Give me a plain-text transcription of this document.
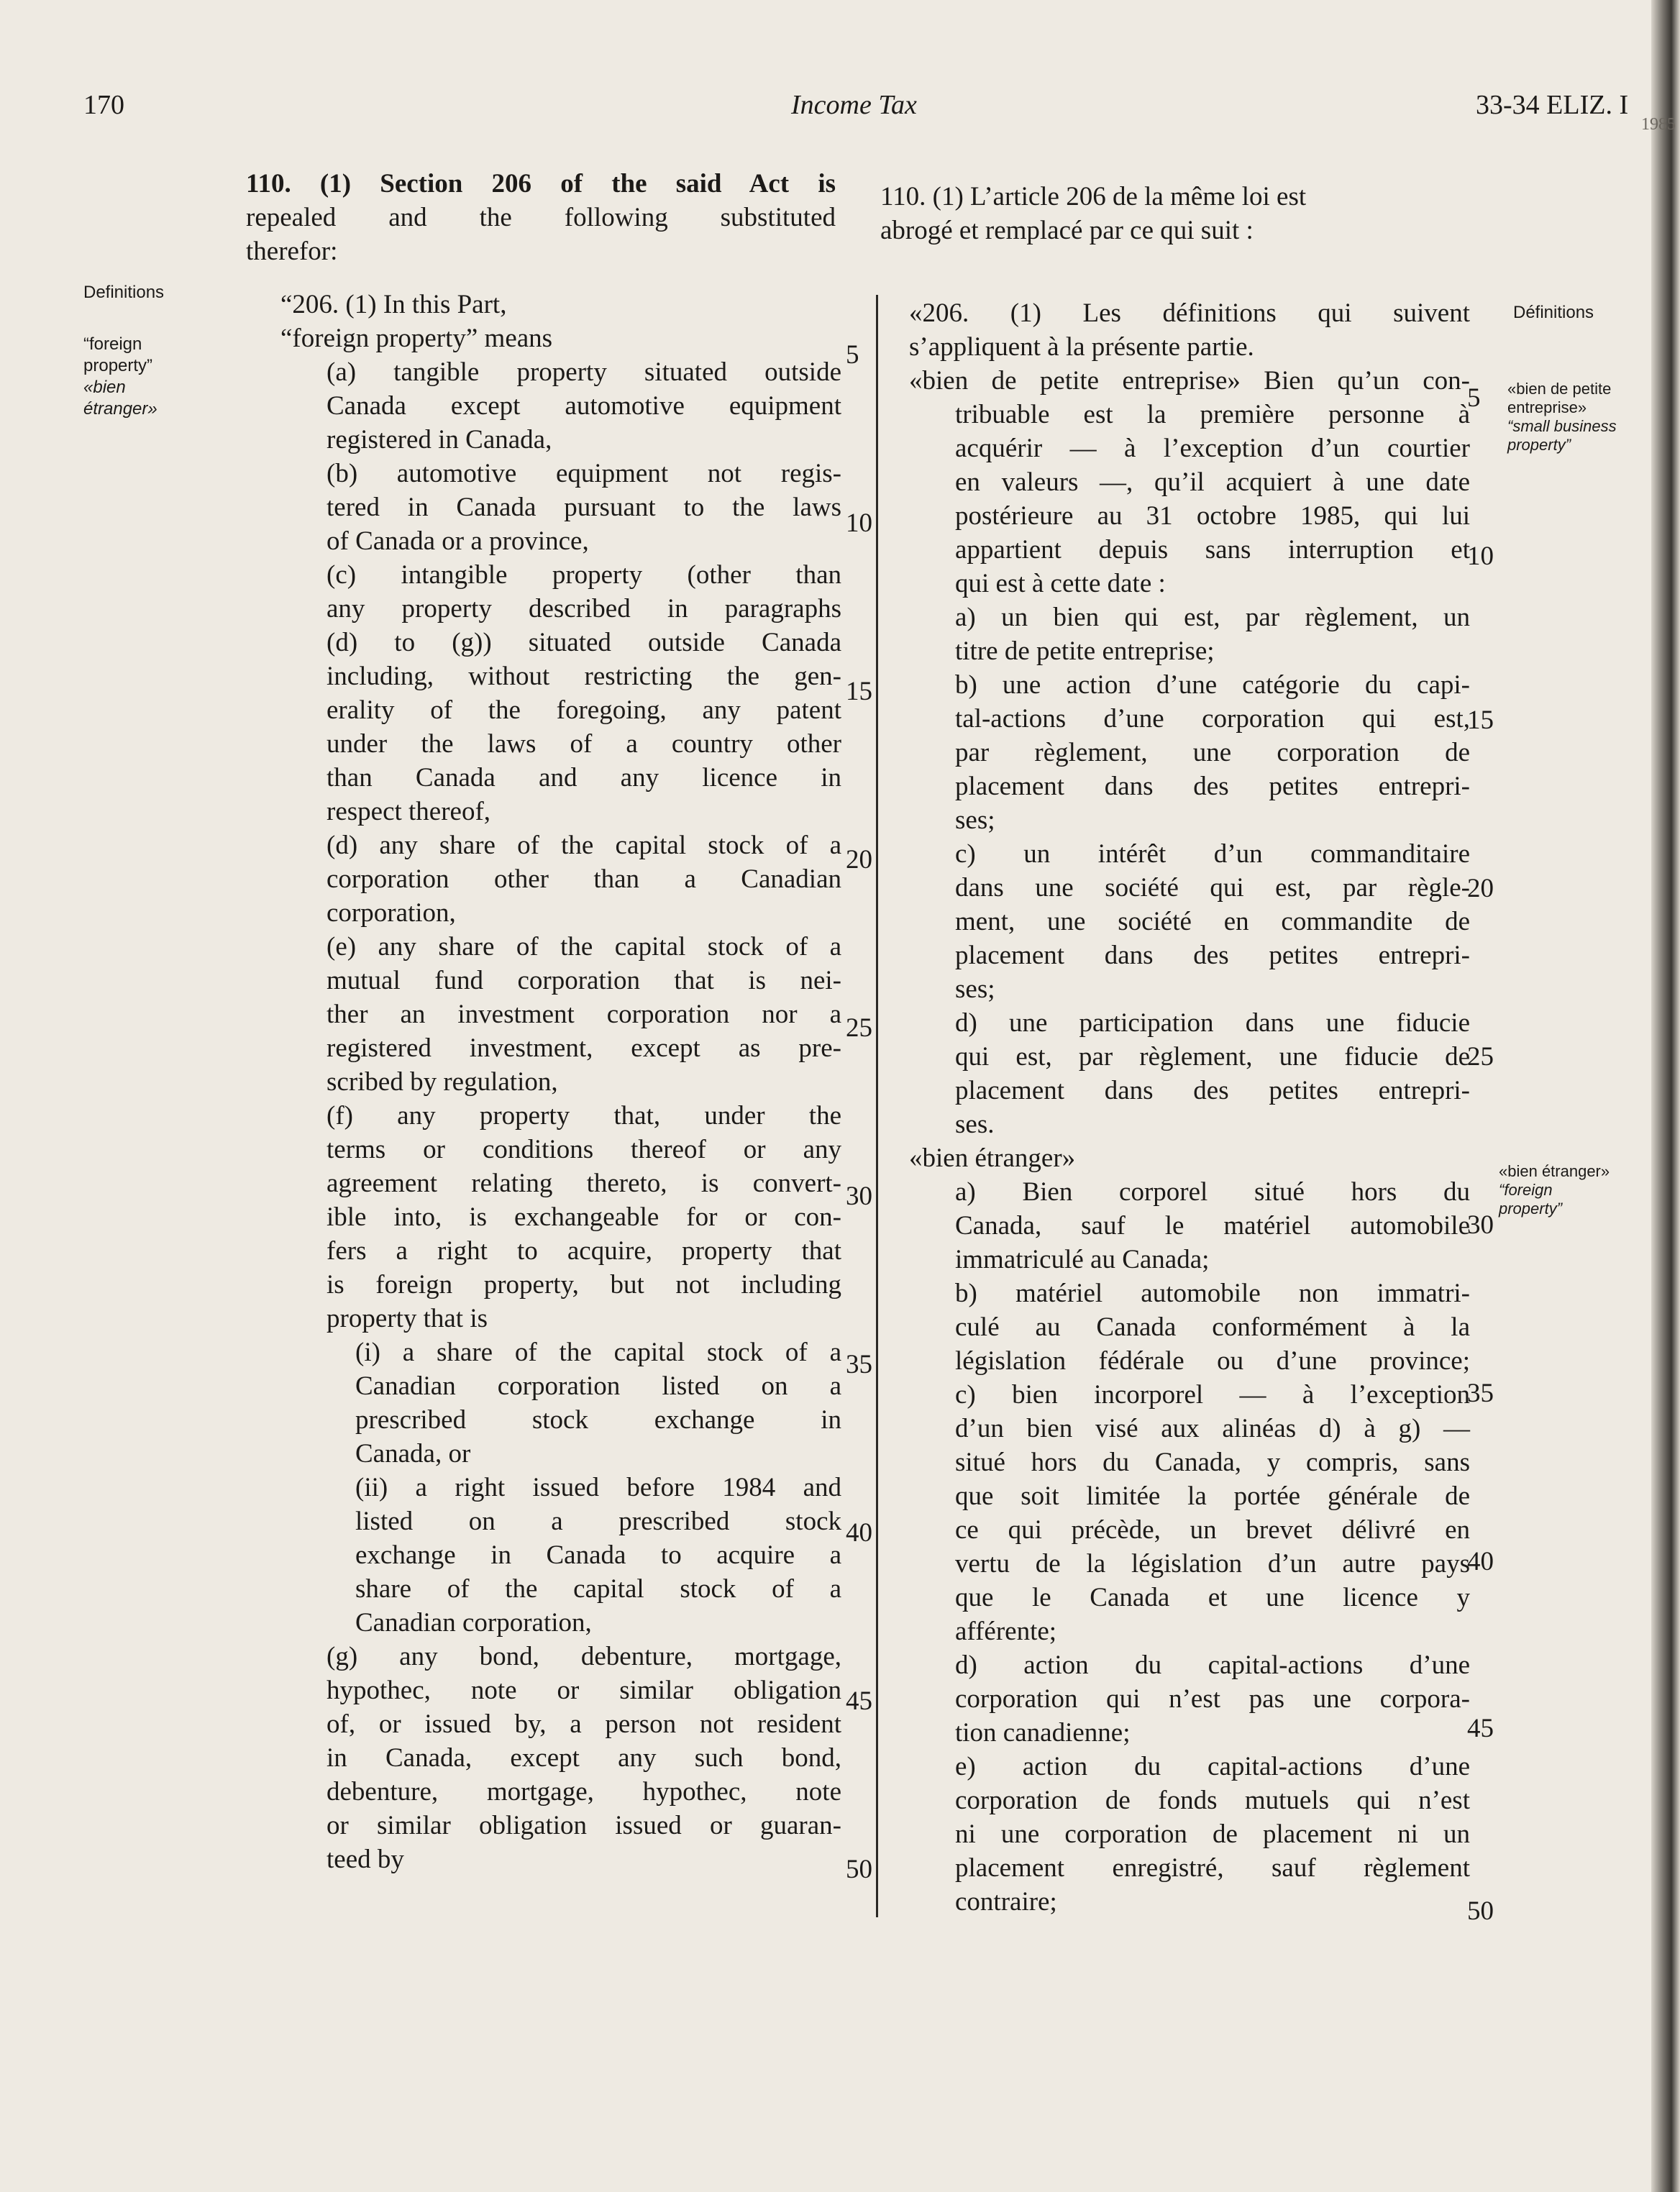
170	Income Tax	33-34 ELIZ. I
Definitions
“foreign
property”
«bien
étranger»

110. (1) Section 206 of the said Act is

repealed and the following substituted

therefor:

110. (1) L’article 206 de la même loi est

abrogé et remplacé par ce qui suit :

“206. (1) In this Part,

“foreign property” means

(a) tangible property situated outside

Canada except automotive equipment

registered in Canada,

(b) automotive equipment not regis-

tered in Canada pursuant to the laws

of Canada or a province,

(c) intangible property (other than

any property described in paragraphs

(d) to (g)) situated outside Canada

including, without restricting the gen-

erality of the foregoing, any patent

under the laws of a country other

than Canada and any licence in

respect thereof,

(d) any share of the capital stock of a

corporation other than a Canadian

corporation,

(e) any share of the capital stock of a

mutual fund corporation that is nei-

ther an investment corporation nor a

registered investment, except as pre-

scribed by regulation,

(f) any property that, under the

terms or conditions thereof or any

agreement relating thereto, is convert-

ible into, is exchangeable for or con-

fers a right to acquire, property that

is foreign property, but not including

property that is

(i) a share of the capital stock of a

Canadian corporation listed on a

prescribed stock exchange in

Canada, or

(ii) a right issued before 1984 and

listed on a prescribed stock

exchange in Canada to acquire a

share of the capital stock of a

Canadian corporation,

(g) any bond, debenture, mortgage,

hypothec, note or similar obligation

of, or issued by, a person not resident

in Canada, except any such bond,

debenture, mortgage, hypothec, note

or similar obligation issued or guaran-

teed by

«206. (1) Les définitions qui suivent

s’appliquent à la présente partie.

«bien de petite entreprise» Bien qu’un con-

tribuable est la première personne à

acquérir — à l’exception d’un courtier

en valeurs —, qu’il acquiert à une date

postérieure au 31 octobre 1985, qui lui

appartient depuis sans interruption et

qui est à cette date :

a) un bien qui est, par règlement, un

titre de petite entreprise;

b) une action d’une catégorie du capi-

tal-actions d’une corporation qui est,

par règlement, une corporation de

placement dans des petites entrepri-

ses;

c) un intérêt d’un commanditaire

dans une société qui est, par règle-

ment, une société en commandite de

placement dans des petites entrepri-

ses;

d) une participation dans une fiducie

qui est, par règlement, une fiducie de

placement dans des petites entrepri-

ses.

«bien étranger»

a) Bien corporel situé hors du

Canada, sauf le matériel automobile

immatriculé au Canada;

b) matériel automobile non immatri-

culé au Canada conformément à la

législation fédérale ou d’une province;

c) bien incorporel — à l’exception

d’un bien visé aux alinéas d) à g) —

situé hors du Canada, y compris, sans

que soit limitée la portée générale de

ce qui précède, un brevet délivré en

vertu de la législation d’un autre pays

que le Canada et une licence y

afférente;

d) action du capital-actions d’une

corporation qui n’est pas une corpora-

tion canadienne;

e) action du capital-actions d’une

corporation de fonds mutuels qui n’est

ni une corporation de placement ni un

placement enregistré, sauf règlement

contraire;

5
10
15
20
25
30
35
40
45
50
5
10
15
20
25
30
35
40
45
50
Définitions
«bien de petite
entreprise»
“small business
property”
«bien étranger»
“foreign
property”
1985
